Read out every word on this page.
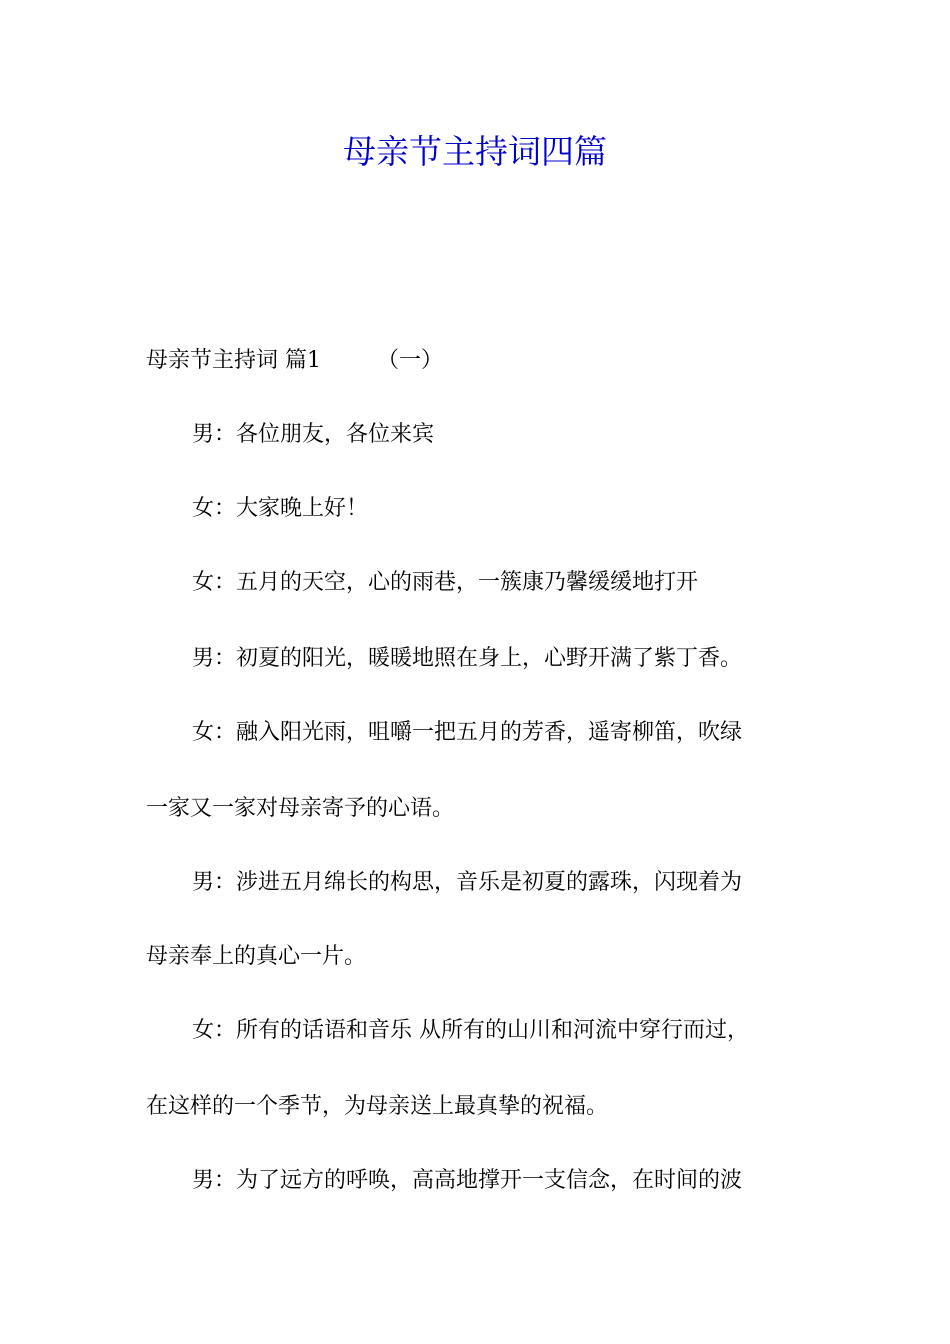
母亲节主持词四篇

母亲节主持词 篇1	（一）

男：各位朋友，各位来宾

女：大家晚上好！

女：五月的天空，心的雨巷，一簇康乃馨缓缓地打开

男：初夏的阳光，暖暖地照在身上，心野开满了紫丁香。

女：融入阳光雨，咀嚼一把五月的芳香，遥寄柳笛，吹绿

一家又一家对母亲寄予的心语。

男：涉进五月绵长的构思，音乐是初夏的露珠，闪现着为

母亲奉上的真心一片。

女：所有的话语和音乐 从所有的山川和河流中穿行而过，

在这样的一个季节，为母亲送上最真挚的祝福。

男：为了远方的呼唤，高高地撑开一支信念，在时间的波
